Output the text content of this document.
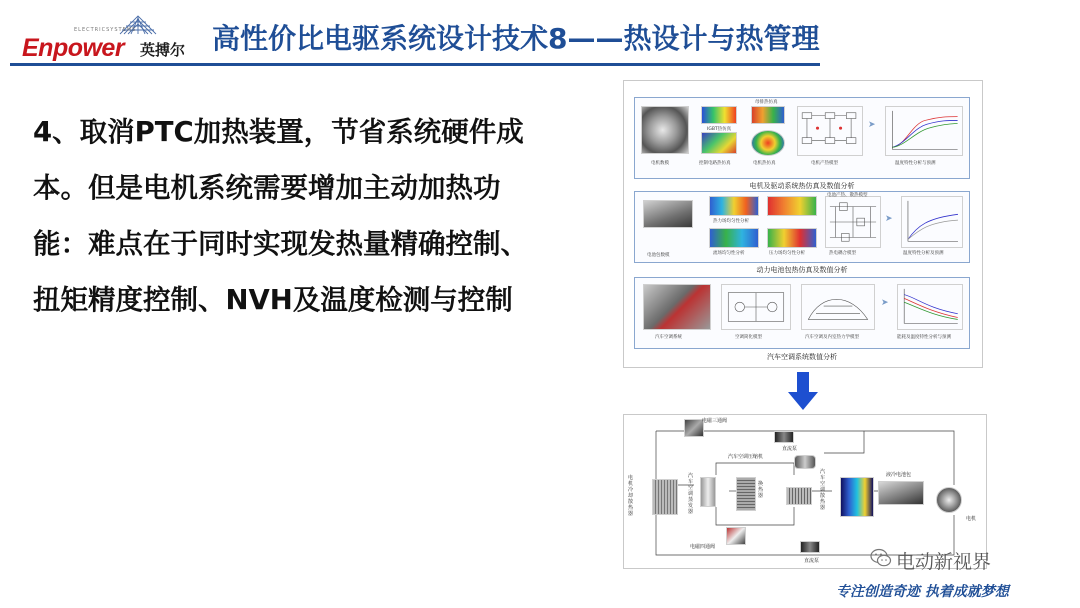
ELECTRICSYSTEMS
Enpower 英搏尔 高性价比电驱系统设计技术8——热设计与热管理
4、取消PTC加热装置，节省系统硬件成本。但是电机系统需要增加主动加热功能：难点在于同时实现发热量精确控制、扭矩精度控制、NVH及温度检测与控制
➤
电机数模
IGBT热仿真
控制电路热仿真
母排热仿真
电机热仿真	电机产热模型	温度特性分析与预测
电机及驱动系统热仿真及数值分析
➤
电池包数模
热力场均匀性分析
流场均匀性分析	压力场均匀性分析
电池产热、散热模型
热电耦合模型	温度特性分析及预测
动力电池包热仿真及数值分析
➤
汽车空调系统	空调简化模型	汽车空调及内室热力学模型	能耗及温度特性分析与预测
汽车空调系统数值分析
电磁三通阀
直流泵
汽车空调压缩机
电机冷却散热器
汽车空调蒸发器
换热器
汽车空调散热器
液冷电池包
电机
电磁四通阀
直流泵	电动新视界
专注创造奇迹 执着成就梦想
